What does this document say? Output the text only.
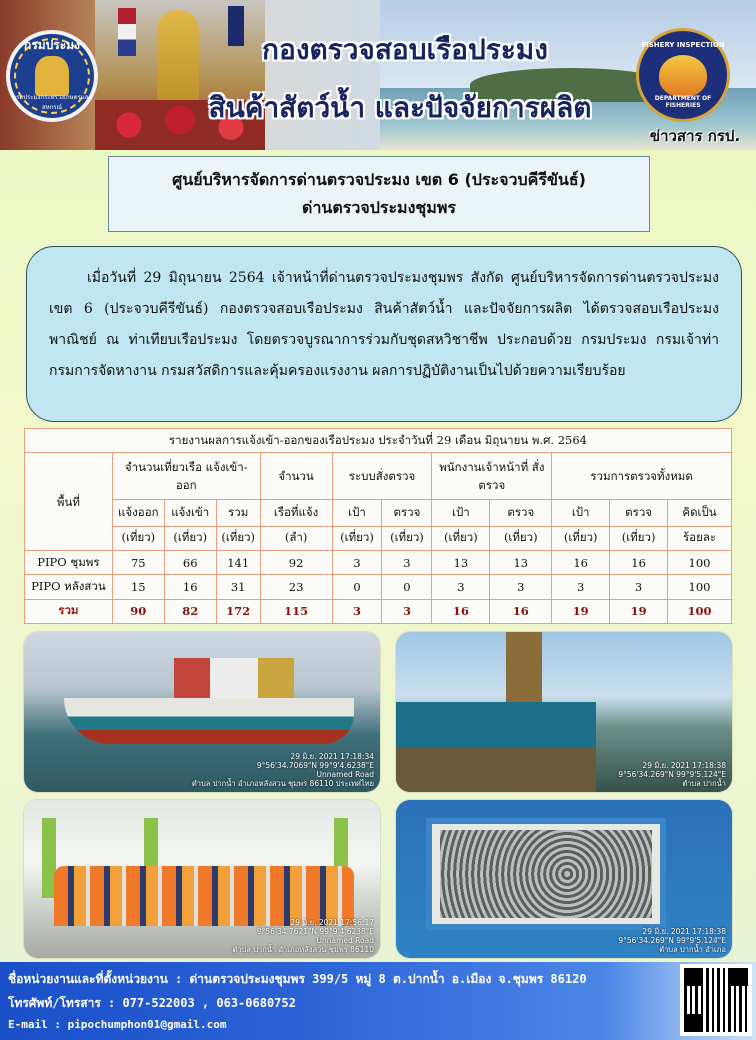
กรมประมง
กรมประมงกระทรวงเกษตรและสหกรณ์
กองตรวจสอบเรือประมง
สินค้าสัตว์น้ำ และปัจจัยการผลิต
FISHERY INSPECTION
DEPARTMENT OF FISHERIES
ข่าวสาร กรป.
ศูนย์บริหารจัดการด่านตรวจประมง เขต 6 (ประจวบคีรีขันธ์)
ด่านตรวจประมงชุมพร
เมื่อวันที่ 29 มิถุนายน 2564 เจ้าหน้าที่ด่านตรวจประมงชุมพร สังกัด ศูนย์บริหารจัดการด่านตรวจประมง เขต 6 (ประจวบคีรีขันธ์) กองตรวจสอบเรือประมง สินค้าสัตว์น้ำ และปัจจัยการผลิต ได้ตรวจสอบเรือประมงพาณิชย์ ณ ท่าเทียบเรือประมง โดยตรวจบูรณาการร่วมกับชุดสหวิชาชีพ ประกอบด้วย กรมประมง กรมเจ้าท่า กรมการจัดหางาน กรมสวัสดิการและคุ้มครองแรงงาน ผลการปฏิบัติงานเป็นไปด้วยความเรียบร้อย
รายงานผลการแจ้งเข้า-ออกของเรือประมง ประจำวันที่ 29 เดือน มิถุนายน พ.ศ. 2564											
พื้นที่	จำนวนเที่ยวเรือ แจ้งเข้า-ออก			จำนวน	ระบบสั่งตรวจ		พนักงานเจ้าหน้าที่ สั่งตรวจ		รวมการตรวจทั้งหมด		
	แจ้งออก	แจ้งเข้า	รวม	เรือที่แจ้ง	เป้า	ตรวจ	เป้า	ตรวจ	เป้า	ตรวจ	คิดเป็น
	(เที่ยว)	(เที่ยว)	(เที่ยว)	(ลำ)	(เที่ยว)	(เที่ยว)	(เที่ยว)	(เที่ยว)	(เที่ยว)	(เที่ยว)	ร้อยละ
PIPO ชุมพร	75	66	141	92	3	3	13	13	16	16	100
PIPO หลังสวน	15	16	31	23	0	0	3	3	3	3	100
รวม	90	82	172	115	3	3	16	16	19	19	100
29 มิ.ย. 2021 17:18:34
9°56'34.7069"N 99°9'4.6238"E
Unnamed Road
ตำบล ปากน้ำ อำเภอหลังสวน ชุมพร 86110 ประเทศไทย
29 มิ.ย. 2021 17:18:38
9°56'34.269"N 99°9'5.124"E
ตำบล ปากน้ำ
29 มิ.ย. 2021 17:56:17
9°56'34.7621"N 99°9'4.6238"E
Unnamed Road
ตำบล ปากน้ำ อำเภอหลังสวน ชุมพร 86110
29 มิ.ย. 2021 17:18:38
9°56'34.269"N 99°9'5.124"E
ตำบล ปากน้ำ อำเภอ
ชื่อหน่วยงานและที่ตั้งหน่วยงาน : ด่านตรวจประมงชุมพร 399/5 หมู่ 8 ต.ปากน้ำ อ.เมือง จ.ชุมพร 86120
โทรศัพท์/โทรสาร : 077-522003 , 063-0680752
E-mail : pipochumphon01@gmail.com
